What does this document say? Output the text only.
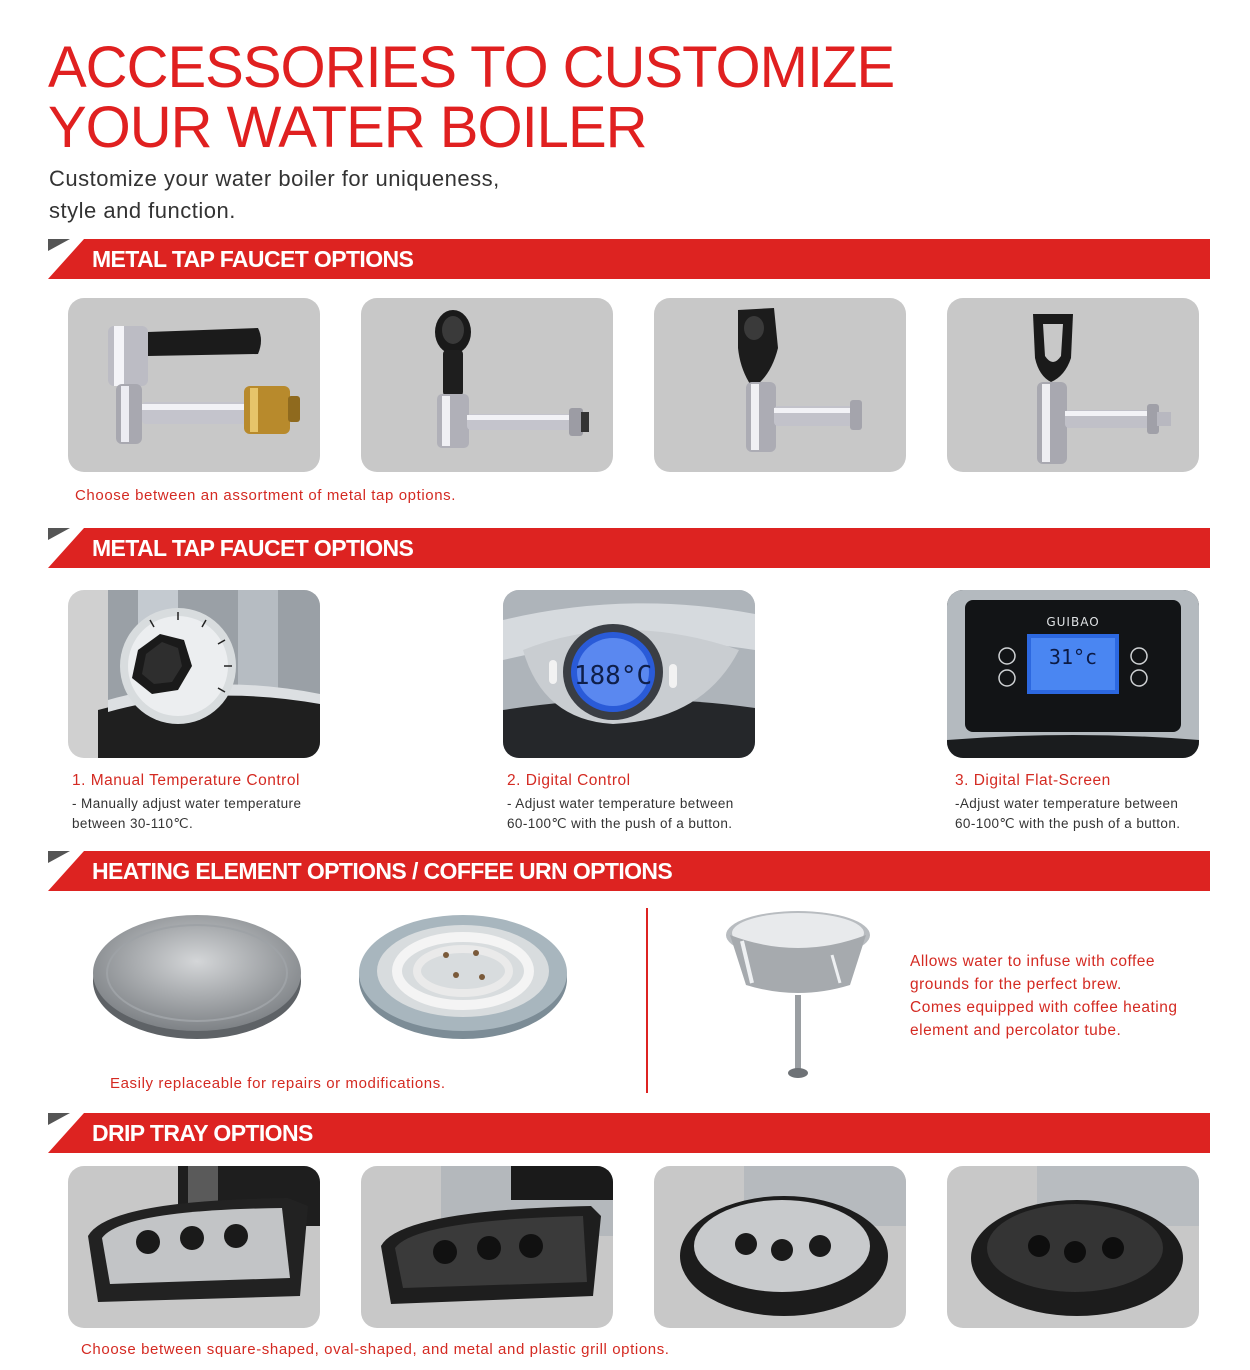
ACCESSORIES TO CUSTOMIZE
YOUR WATER BOILER

Customize your water boiler for uniqueness,
style and function.

METAL TAP FAUCET OPTIONS
Choose between an assortment of metal tap options.
METAL TAP FAUCET OPTIONS
188°C
GUIBAO
31°c
1. Manual Temperature Control
- Manually adjust water temperature
between 30-110℃.
2. Digital Control
- Adjust water temperature between
60-100℃ with the push of a button.
3. Digital Flat-Screen
-Adjust water temperature between
60-100℃ with the push of a button.
HEATING ELEMENT OPTIONS / COFFEE URN OPTIONS
Easily replaceable for repairs or modifications.
Allows water to infuse with coffee
grounds for the perfect brew.
Comes equipped with coffee heating
element and percolator tube.
DRIP TRAY OPTIONS
Choose between square-shaped, oval-shaped, and metal and plastic grill options.
